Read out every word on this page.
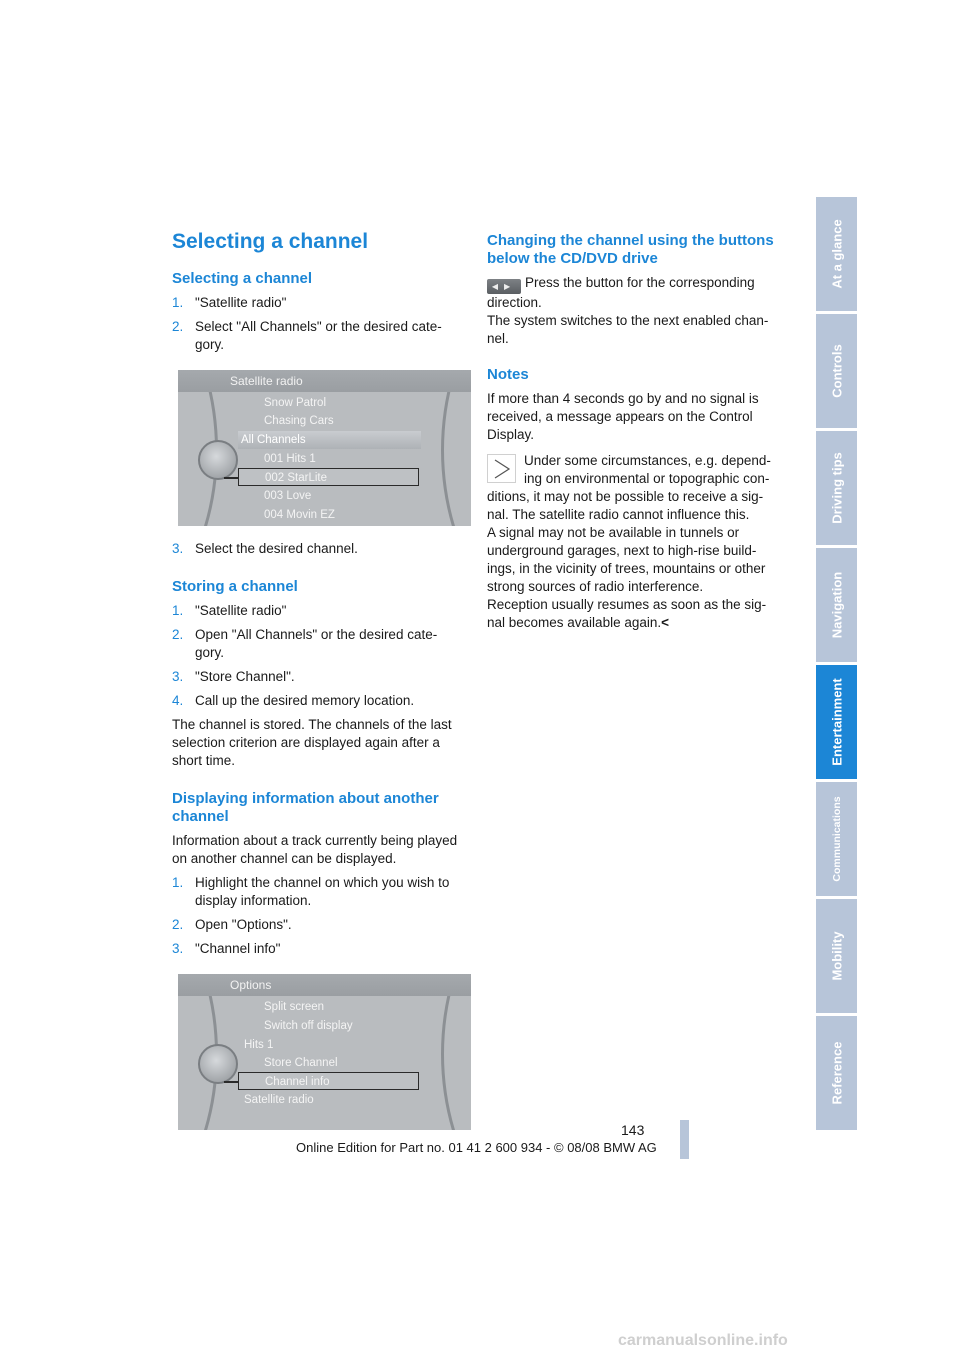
Selecting a channel
Selecting a channel
1. "Satellite radio"
2. Select "All Channels" or the desired cate-gory.
Satellite radio
Snow Patrol
Chasing Cars
All Channels
001 Hits 1
002 StarLite
003 Love
004 Movin EZ
3. Select the desired channel.
Storing a channel
1. "Satellite radio"
2. Open "All Channels" or the desired cate-gory.
3. "Store Channel".
4. Call up the desired memory location.

The channel is stored. The channels of the last selection criterion are displayed again after a short time.

Displaying information about another channel

Information about a track currently being played on another channel can be displayed.

1. Highlight the channel on which you wish to display information.
2. Open "Options".
3. "Channel info"
Options
Split screen
Switch off display
Hits 1
Store Channel
Channel info
Satellite radio
Changing the channel using the buttons below the CD/DVD drive

◀▶ Press the button for the corresponding direction.

The system switches to the next enabled chan-nel.

Notes

If more than 4 seconds go by and no signal is received, a message appears on the Control Display.

Under some circumstances, e.g. depend-ing on environmental or topographic con-ditions, it may not be possible to receive a sig-nal. The satellite radio cannot influence this.

A signal may not be available in tunnels or underground garages, next to high-rise build-ings, in the vicinity of trees, mountains or other strong sources of radio interference.

Reception usually resumes as soon as the sig-nal becomes available again.<

At a glance
Controls
Driving tips
Navigation
Entertainment
Communications
Mobility
Reference
143
Online Edition for Part no. 01 41 2 600 934 - © 08/08 BMW AG
carmanualsonline.info
